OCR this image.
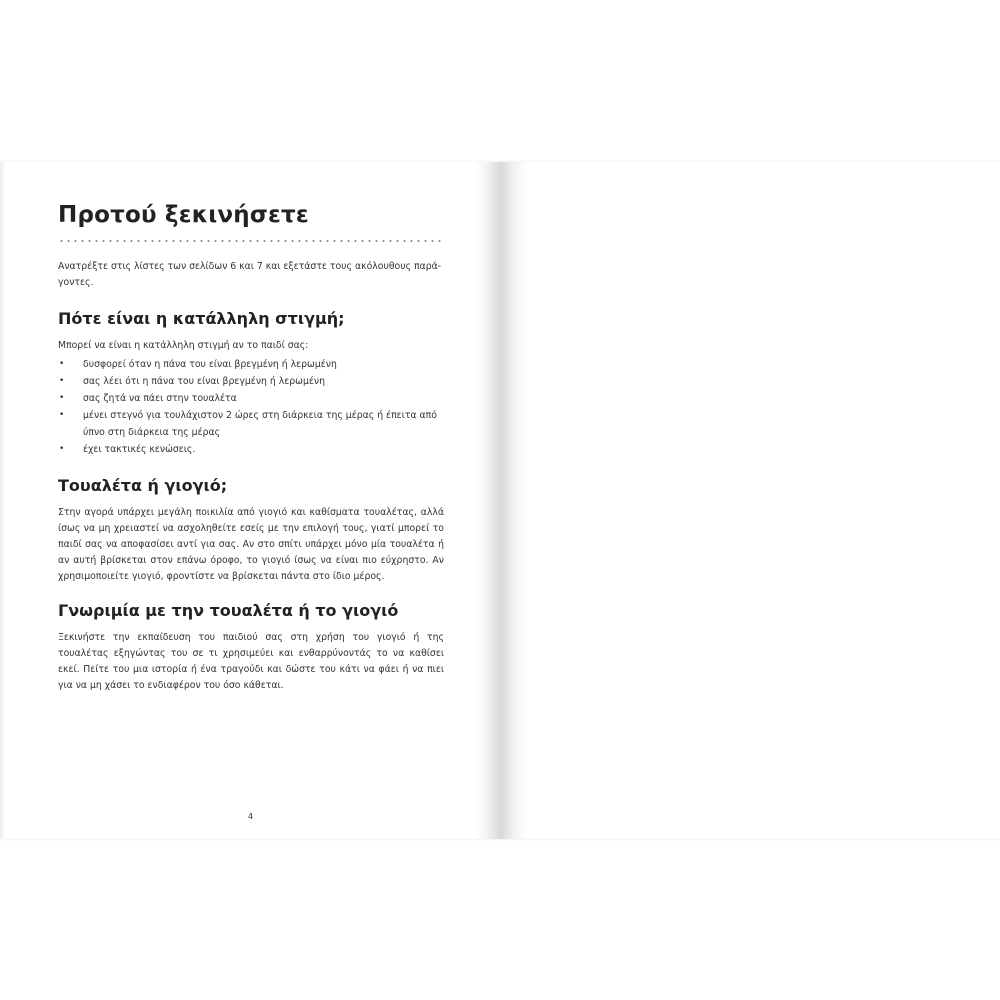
Προτού ξεκινήσετε

Ανατρέξτε στις λίστες των σελίδων 6 και 7 και εξετάστε τους ακόλουθους παρά-
γοντες.

Πότε είναι η κατάλληλη στιγμή;

Μπορεί να είναι η κατάλληλη στιγμή αν το παιδί σας:

• δυσφορεί όταν η πάνα του είναι βρεγμένη ή λερωμένη
• σας λέει ότι η πάνα του είναι βρεγμένη ή λερωμένη
• σας ζητά να πάει στην τουαλέτα
• μένει στεγνό για τουλάχιστον 2 ώρες στη διάρκεια της μέρας ή έπειτα από ύπνο στη διάρκεια της μέρας
• έχει τακτικές κενώσεις.
Τουαλέτα ή γιογιό;

Στην αγορά υπάρχει μεγάλη ποικιλία από γιογιό και καθίσματα τουαλέτας, αλλά ίσως να μη χρειαστεί να ασχοληθείτε εσείς με την επιλογή τους, γιατί μπορεί το παιδί σας να αποφασίσει αντί για σας. Αν στο σπίτι υπάρχει μόνο μία τουαλέτα ή αν αυτή βρίσκεται στον επάνω όροφο, το γιογιό ίσως να είναι πιο εύχρηστο. Αν χρησιμοποιείτε γιογιό, φροντίστε να βρίσκεται πάντα στο ίδιο μέρος.

Γνωριμία με την τουαλέτα ή το γιογιό

Ξεκινήστε την εκπαίδευση του παιδιού σας στη χρήση του γιογιό ή της τουαλέτας εξηγώντας του σε τι χρησιμεύει και ενθαρρύνοντάς το να καθίσει εκεί. Πείτε του μια ιστορία ή ένα τραγούδι και δώστε του κάτι να φάει ή να πιει για να μη χάσει το ενδιαφέρον του όσο κάθεται.

4
